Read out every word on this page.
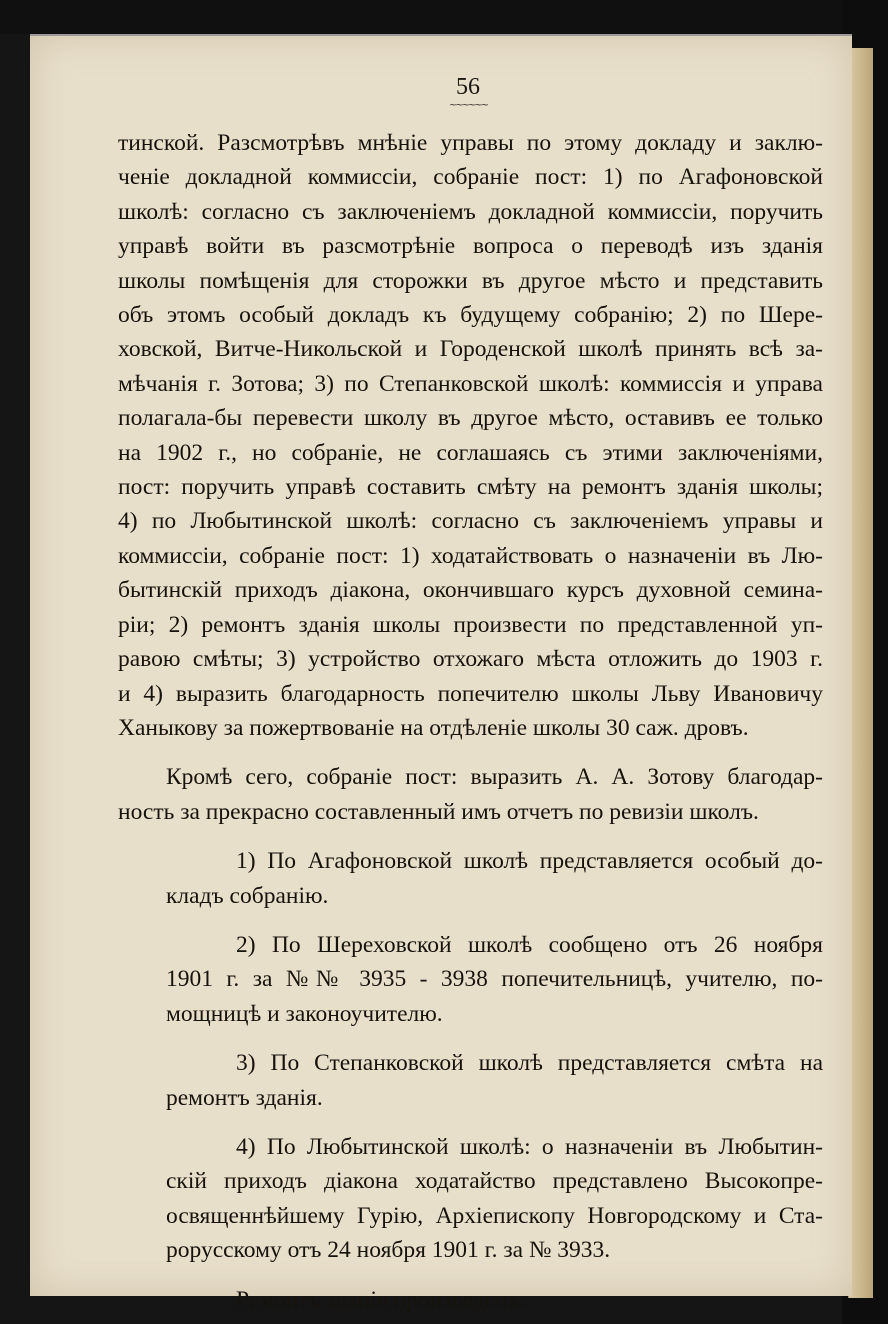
56
~~~~~~

тинской. Разсмотрѣвъ мнѣніе управы по этому докладу и заклю-
ченіе докладной коммиссіи, собраніе пост: 1) по Агафоновской
школѣ: согласно съ заключеніемъ докладной коммиссіи, поручить
управѣ войти въ разсмотрѣніе вопроса о переводѣ изъ зданія
школы помѣщенія для сторожки въ другое мѣсто и представить
объ этомъ особый докладъ къ будущему собранію; 2) по Шере-
ховской, Витче-Никольской и Городенской школѣ принять всѣ за-
мѣчанія г. Зотова; 3) по Степанковской школѣ: коммиссія и управа
полагала-бы перевести школу въ другое мѣсто, оставивъ ее только
на 1902 г., но собраніе, не соглашаясь съ этими заключеніями,
пост: поручить управѣ составить смѣту на ремонтъ зданія школы;
4) по Любытинской школѣ: согласно съ заключеніемъ управы и
коммиссіи, собраніе пост: 1) ходатайствовать о назначеніи въ Лю-
бытинскій приходъ діакона, окончившаго курсъ духовной семина-
ріи; 2) ремонтъ зданія школы произвести по представленной уп-
равою смѣты; 3) устройство отхожаго мѣста отложить до 1903 г.
и 4) выразить благодарность попечителю школы Льву Ивановичу
Ханыкову за пожертвованіе на отдѣленіе школы 30 саж. дровъ.

Кромѣ сего, собраніе пост: выразить А. А. Зотову благодар-

ность за прекрасно составленный имъ отчетъ по ревизіи школъ.

1) По Агафоновской школѣ представляется особый до-

кладъ собранію.

2) По Шереховской школѣ сообщено отъ 26 ноября

1901 г. за №№ 3935 - 3938 попечительницѣ, учителю, по-
мощницѣ и законоучителю.

3) По Степанковской школѣ представляется смѣта на

ремонтъ зданія.

4) По Любытинской школѣ: о назначеніи въ Любытин-

скій приходъ діакона ходатайство представлено Высокопре-
освященнѣйшему Гурію, Архіепископу Новгородскому и Ста-
рорусскому отъ 24 ноября 1901 г. за № 3933.

Ремонтъ зданія произведенъ.
